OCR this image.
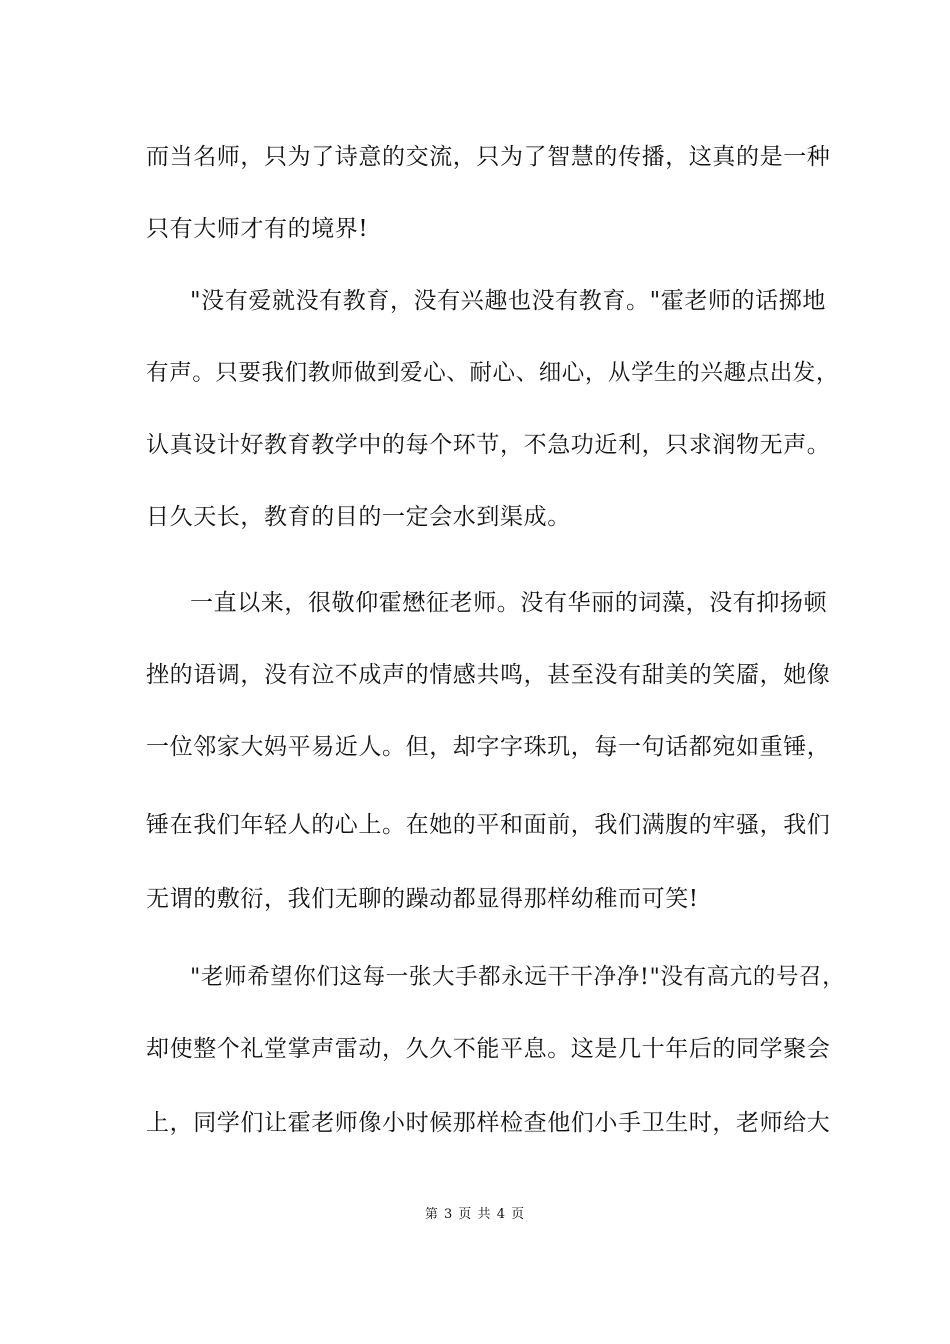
而当名师，只为了诗意的交流，只为了智慧的传播，这真的是一种
只有大师才有的境界!
"没有爱就没有教育，没有兴趣也没有教育。"霍老师的话掷地
有声。只要我们教师做到爱心、耐心、细心，从学生的兴趣点出发，
认真设计好教育教学中的每个环节，不急功近利，只求润物无声。
日久天长，教育的目的一定会水到渠成。
一直以来，很敬仰霍懋征老师。没有华丽的词藻，没有抑扬顿
挫的语调，没有泣不成声的情感共鸣，甚至没有甜美的笑靥，她像
一位邻家大妈平易近人。但，却字字珠玑，每一句话都宛如重锤，
锤在我们年轻人的心上。在她的平和面前，我们满腹的牢骚，我们
无谓的敷衍，我们无聊的躁动都显得那样幼稚而可笑!
"老师希望你们这每一张大手都永远干干净净!"没有高亢的号召，
却使整个礼堂掌声雷动，久久不能平息。这是几十年后的同学聚会
上，同学们让霍老师像小时候那样检查他们小手卫生时，老师给大
第 3 页 共 4 页
